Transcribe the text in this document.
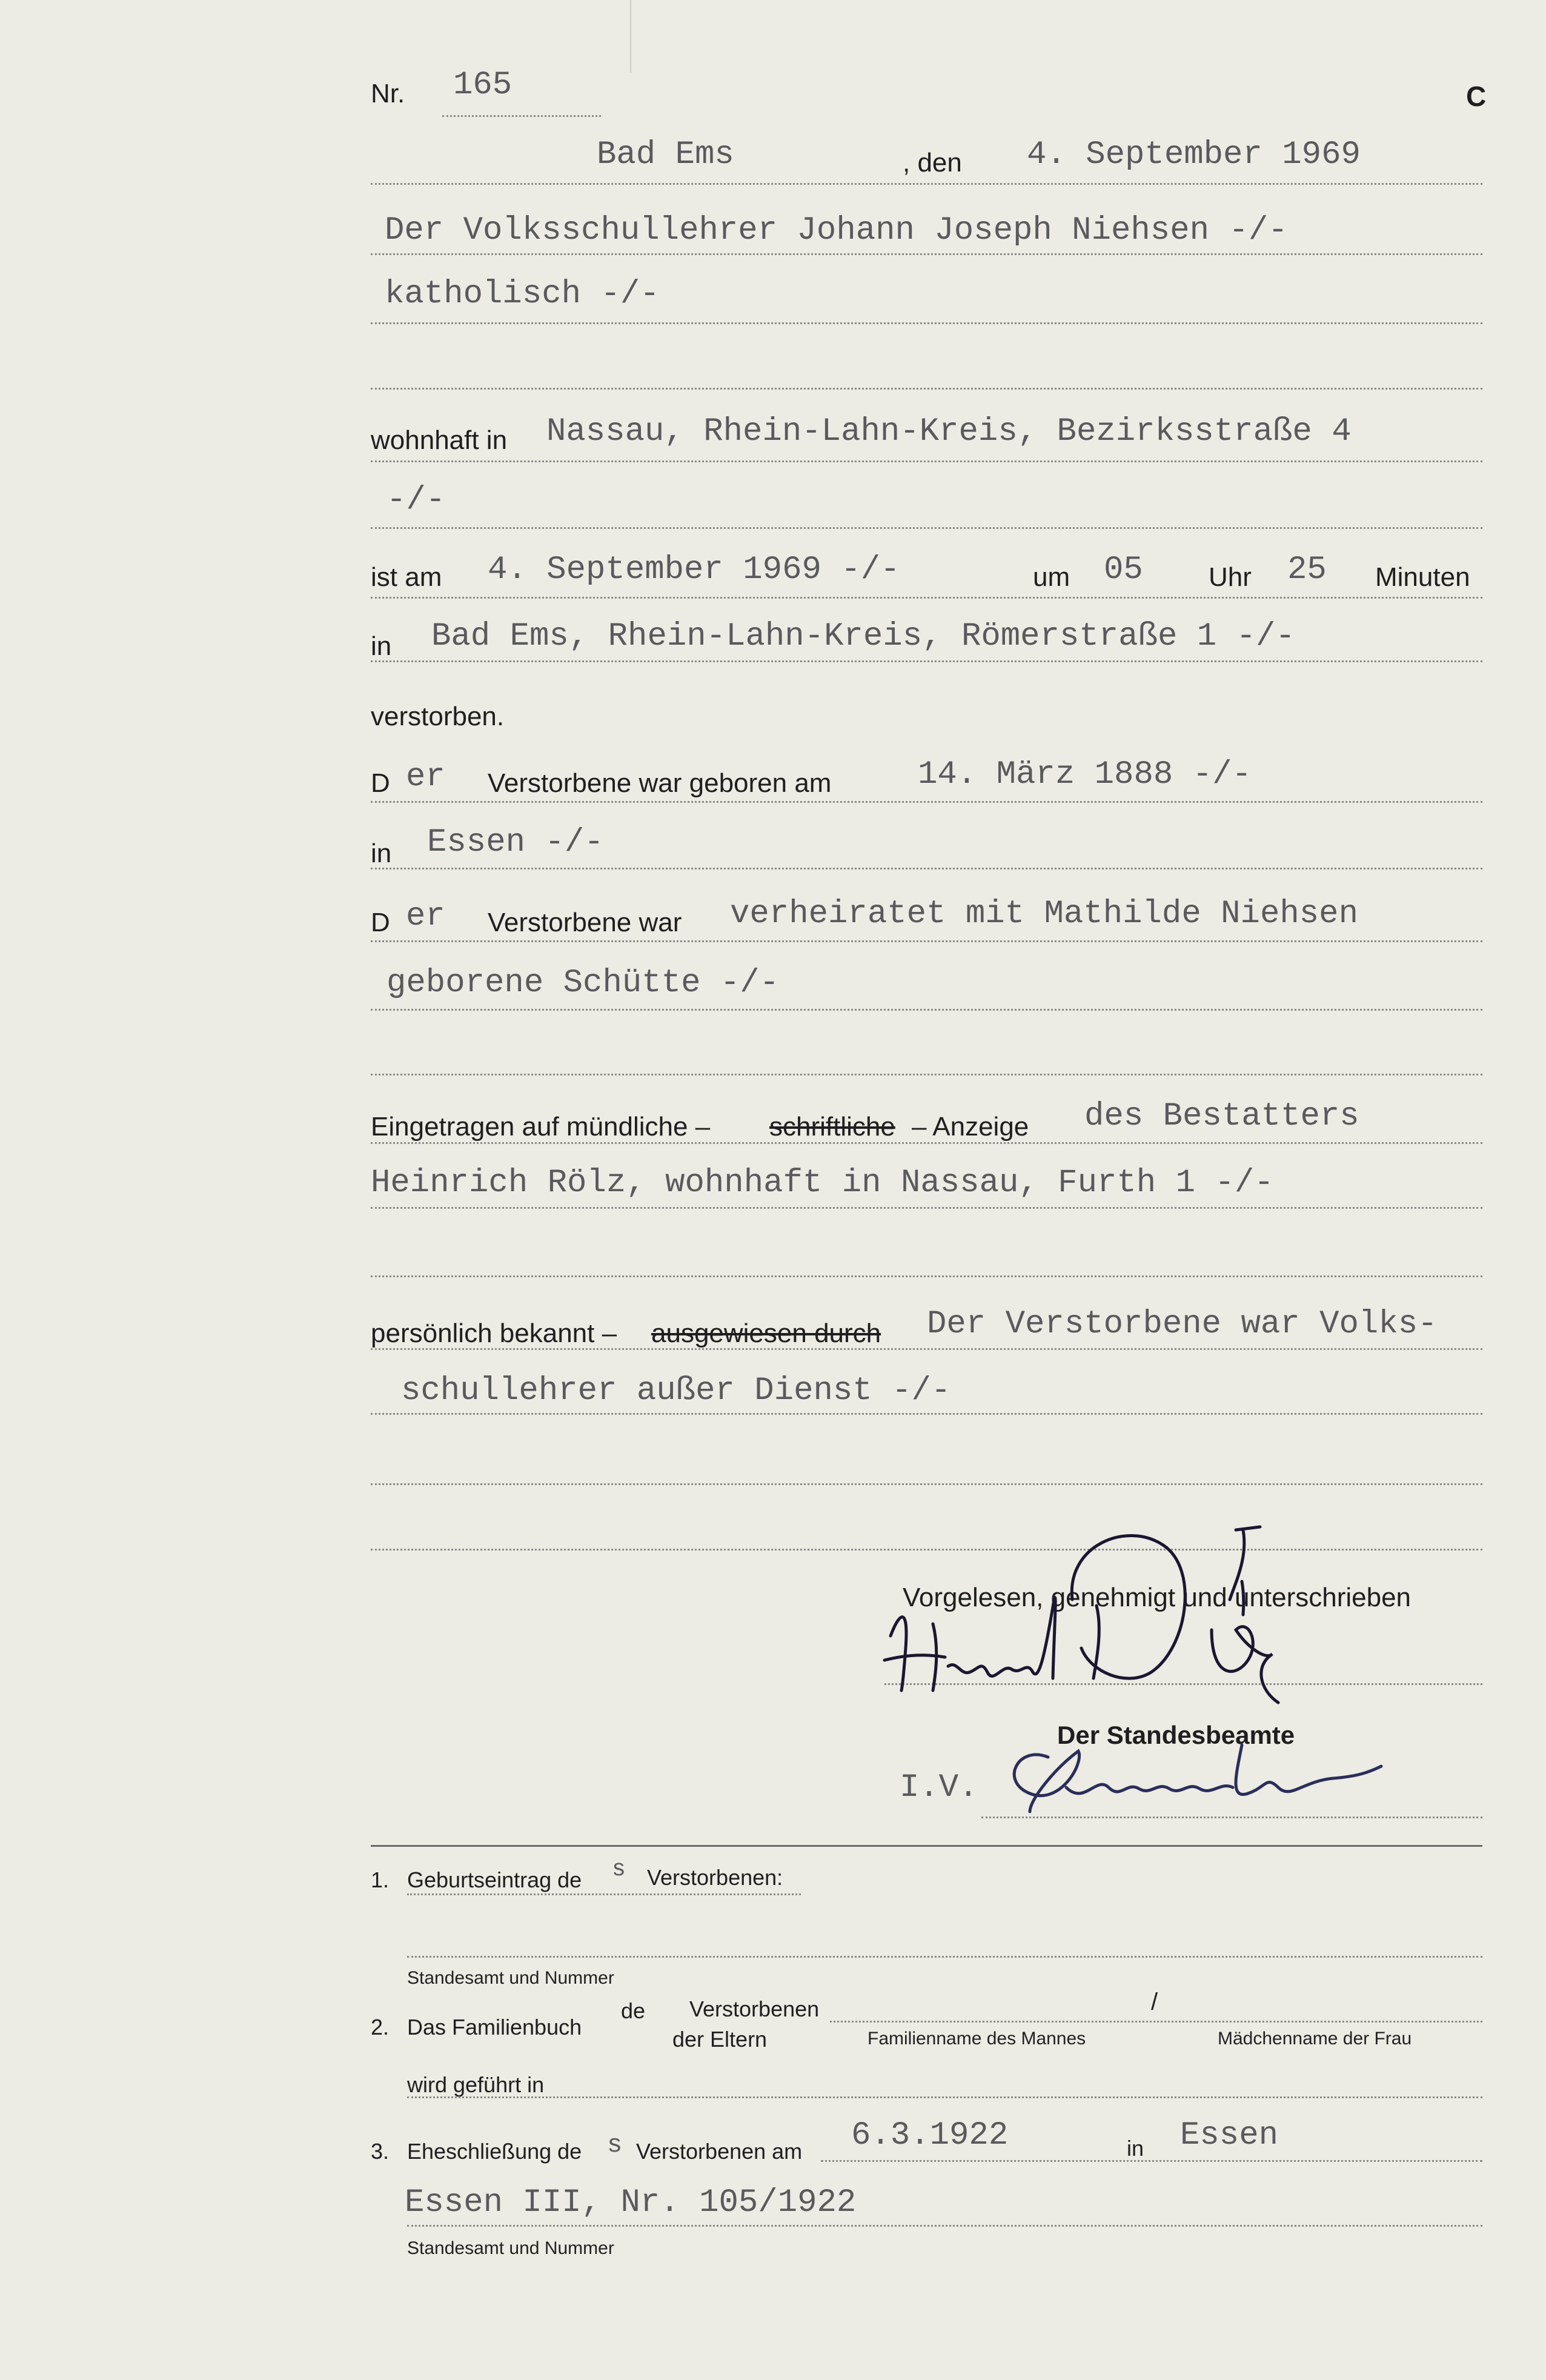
Nr. 165	C
Bad Ems	, den 4. September 1969
Der Volksschullehrer Johann Joseph Niehsen -/-
katholisch -/-
wohnhaft in Nassau, Rhein-Lahn-Kreis, Bezirksstraße 4
-/-
ist am 4. September 1969 -/-	um 05 Uhr 25 Minuten
in Bad Ems, Rhein-Lahn-Kreis, Römerstraße 1 -/-
verstorben.
D er Verstorbene war geboren am	14. März 1888 -/-
in Essen -/-
D er Verstorbene war verheiratet mit Mathilde Niehsen
geborene Schütte -/-
Eingetragen auf mündliche – schriftliche – Anzeige des Bestatters
Heinrich Rölz, wohnhaft in Nassau, Furth 1 -/-
persönlich bekannt – ausgewiesen durch Der Verstorbene war Volks-
schullehrer außer Dienst -/-
Vorgelesen, genehmigt und unterschrieben
Der Standesbeamte
I.V.
1. Geburtseintrag de s Verstorbenen:
Standesamt und Nummer
2. Das Familienbuch
de Verstorbenen
der Eltern
/
Familienname des Mannes	Mädchenname der Frau
wird geführt in
3. Eheschließung de s Verstorbenen am 6.3.1922	in Essen
Essen III, Nr. 105/1922
Standesamt und Nummer
